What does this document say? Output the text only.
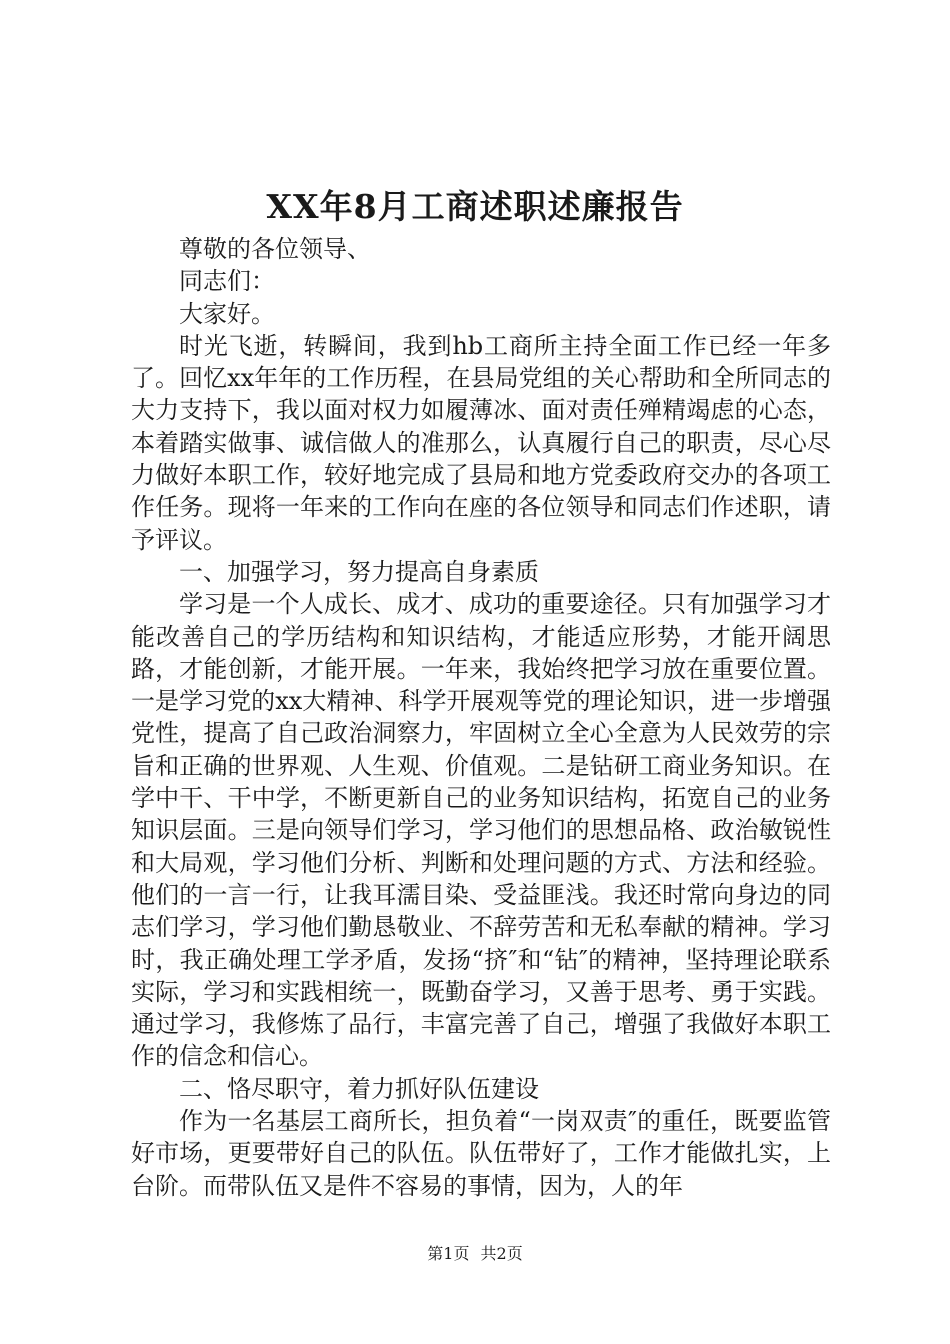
XX年8月工商述职述廉报告

尊敬的各位领导、

同志们：

大家好。

时光飞逝，转瞬间，我到hb工商所主持全面工作已经一年多了。回忆xx年年的工作历程，在县局党组的关心帮助和全所同志的大力支持下，我以面对权力如履薄冰、面对责任殚精竭虑的心态，本着踏实做事、诚信做人的准那么，认真履行自己的职责，尽心尽力做好本职工作，较好地完成了县局和地方党委政府交办的各项工作任务。现将一年来的工作向在座的各位领导和同志们作述职，请予评议。

一、加强学习，努力提高自身素质

学习是一个人成长、成才、成功的重要途径。只有加强学习才能改善自己的学历结构和知识结构，才能适应形势，才能开阔思路，才能创新，才能开展。一年来，我始终把学习放在重要位置。一是学习党的xx大精神、科学开展观等党的理论知识，进一步增强党性，提高了自己政治洞察力，牢固树立全心全意为人民效劳的宗旨和正确的世界观、人生观、价值观。二是钻研工商业务知识。在学中干、干中学，不断更新自己的业务知识结构，拓宽自己的业务知识层面。三是向领导们学习，学习他们的思想品格、政治敏锐性和大局观，学习他们分析、判断和处理问题的方式、方法和经验。他们的一言一行，让我耳濡目染、受益匪浅。我还时常向身边的同志们学习，学习他们勤恳敬业、不辞劳苦和无私奉献的精神。学习时，我正确处理工学矛盾，发扬“挤″和“钻″的精神，坚持理论联系实际，学习和实践相统一，既勤奋学习，又善于思考、勇于实践。通过学习，我修炼了品行，丰富完善了自己，增强了我做好本职工作的信念和信心。

二、恪尽职守，着力抓好队伍建设

作为一名基层工商所长，担负着“一岗双责″的重任，既要监管好市场，更要带好自己的队伍。队伍带好了，工作才能做扎实，上台阶。而带队伍又是件不容易的事情，因为，人的年

第1页 共2页
